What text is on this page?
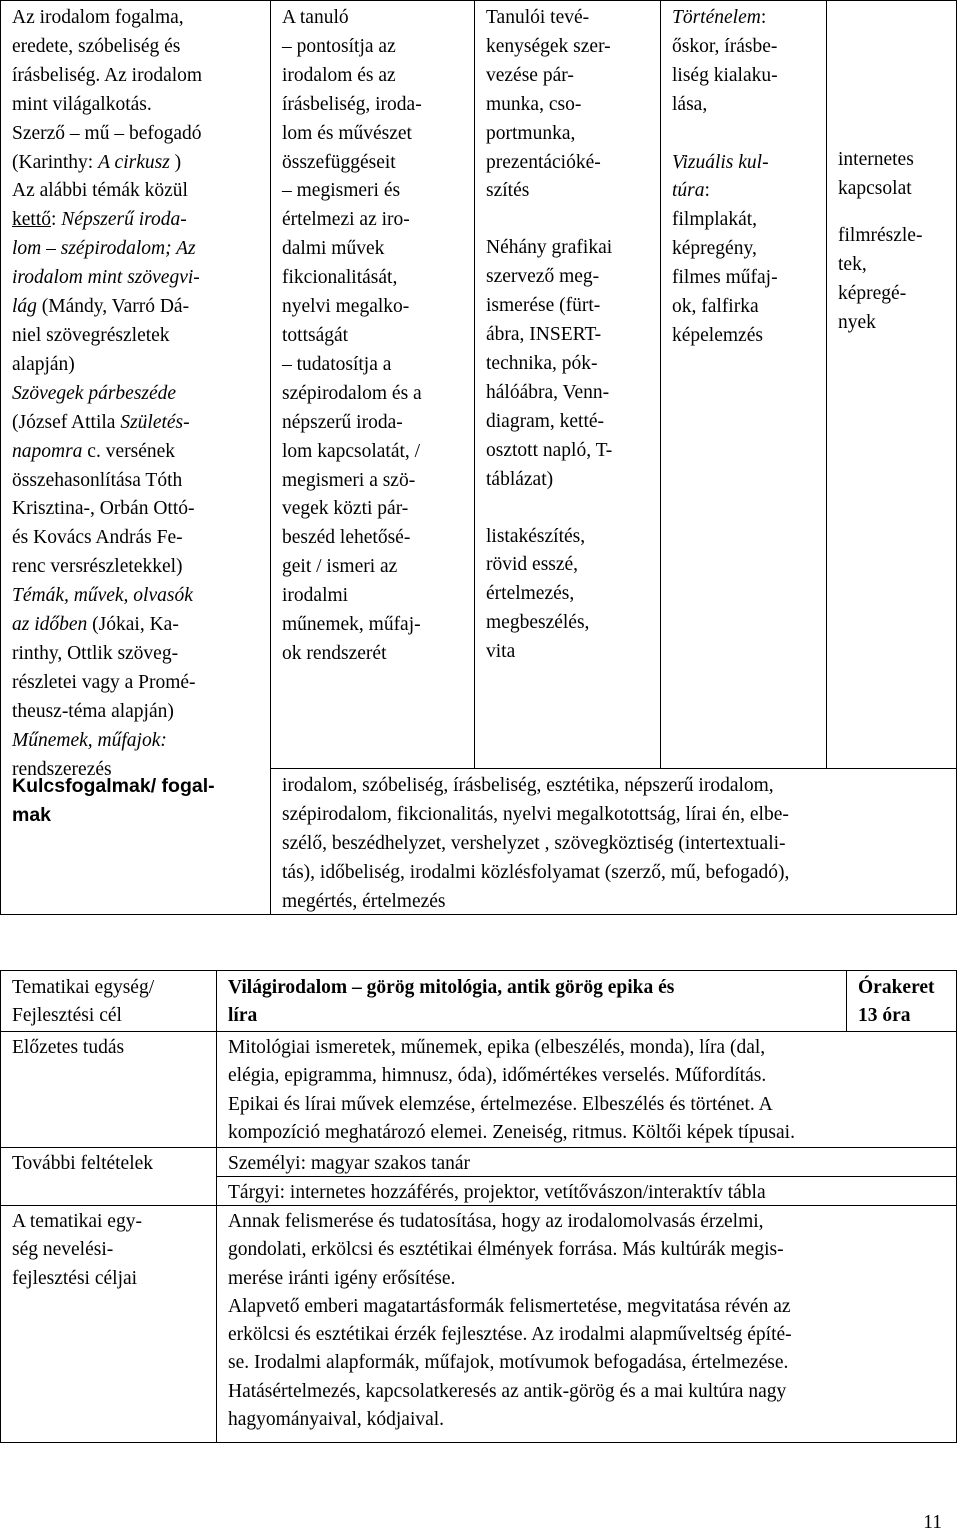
Az irodalom fogalma,
eredete, szóbeliség és
írásbeliség. Az irodalom
mint világalkotás.
Szerző – mű – befogadó
(Karinthy: A cirkusz )
Az alábbi témák közül
kettő: Népszerű iroda-
lom – szépirodalom; Az
irodalom mint szövegvi-
lág (Mándy, Varró Dá-
niel szövegrészletek
alapján)
Szövegek párbeszéde
(József Attila Születés-
napomra c. versének
összehasonlítása Tóth
Krisztina-, Orbán Ottó-
és Kovács András Fe-
renc versrészletekkel)
Témák, művek, olvasók
az időben (Jókai, Ka-
rinthy, Ottlik szöveg-
részletei vagy a Promé-
theusz-téma alapján)
Műnemek, műfajok:
rendszerezés
Kulcsfogalmak/ fogal-
mak
A tanuló
– pontosítja az
irodalom és az
írásbeliség, iroda-
lom és művészet
összefüggéseit
– megismeri és
értelmezi az iro-
dalmi művek
fikcionalitását,
nyelvi megalko-
tottságát
– tudatosítja a
szépirodalom és a
népszerű iroda-
lom kapcsolatát, /
megismeri a szö-
vegek közti pár-
beszéd lehetősé-
geit / ismeri az
irodalmi
műnemek, műfaj-
ok rendszerét
Tanulói tevé-
kenységek szer-
vezése pár-
munka, cso-
portmunka,
prezentációké-
szítés
Néhány grafikai
szervező meg-
ismerése (fürt-
ábra, INSERT-
technika, pók-
hálóábra, Venn-
diagram, ketté-
osztott napló, T-
táblázat)
listakészítés,
rövid esszé,
értelmezés,
megbeszélés,
vita
Történelem:
őskor, írásbe-
liség kialaku-
lása,

Vizuális kul-
túra:
filmplakát,
képregény,
filmes műfaj-
ok, falfirka
képelemzés
internetes
kapcsolat
filmrészle-
tek,
képregé-
nyek
irodalom, szóbeliség, írásbeliség, esztétika, népszerű irodalom,
szépirodalom, fikcionalitás, nyelvi megalkotottság, lírai én, elbe-
szélő, beszédhelyzet, vershelyzet , szövegköztiség (intertextuali-
tás), időbeliség, irodalmi közlésfolyamat (szerző, mű, befogadó),
megértés, értelmezés
Tematikai egység/
Fejlesztési cél
Világirodalom – görög mitológia, antik görög epika és
líra
Órakeret
13 óra
Előzetes tudás	Mitológiai ismeretek, műnemek, epika (elbeszélés, monda), líra (dal,
elégia, epigramma, himnusz, óda), időmértékes verselés. Műfordítás.
Epikai és lírai művek elemzése, értelmezése. Elbeszélés és történet. A
kompozíció meghatározó elemei. Zeneiség, ritmus. Költői képek típusai.
További feltételek	Személyi: magyar szakos tanár
Tárgyi: internetes hozzáférés, projektor, vetítővászon/interaktív tábla
A tematikai egy-
ség nevelési-
fejlesztési céljai
Annak felismerése és tudatosítása, hogy az irodalomolvasás érzelmi,
gondolati, erkölcsi és esztétikai élmények forrása. Más kultúrák megis-
merése iránti igény erősítése.
Alapvető emberi magatartásformák felismertetése, megvitatása révén az
erkölcsi és esztétikai érzék fejlesztése. Az irodalmi alapműveltség építé-
se. Irodalmi alapformák, műfajok, motívumok befogadása, értelmezése.
Hatásértelmezés, kapcsolatkeresés az antik-görög és a mai kultúra nagy
hagyományaival, kódjaival.
11
